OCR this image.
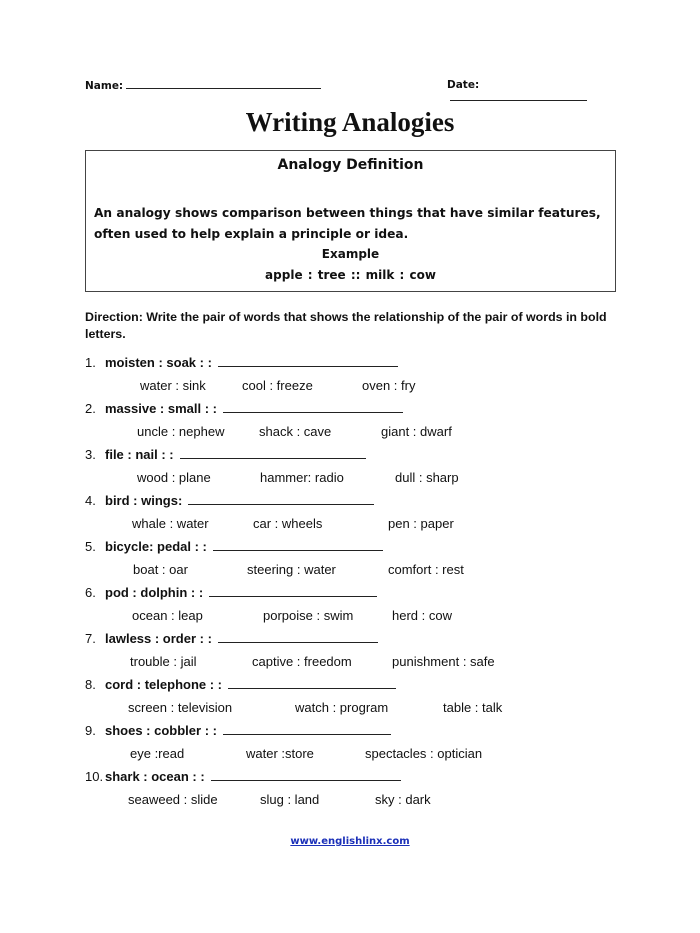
Name:	Date:
Writing Analogies
Analogy Definition
An analogy shows comparison between things that have similar features, often used to help explain a principle or idea.
Example
apple : tree :: milk : cow
Direction: Write the pair of words that shows the relationship of the pair of words in bold letters.
1. moisten : soak : :
water : sink	cool : freeze	oven : fry
2. massive : small : :
uncle : nephew	shack : cave	giant : dwarf
3. file : nail : :
wood : plane	hammer: radio	dull : sharp
4. bird : wings:
whale : water	car : wheels	pen : paper
5. bicycle: pedal : :
boat : oar	steering : water	comfort : rest
6. pod : dolphin : :
ocean : leap	porpoise : swim	herd : cow
7. lawless : order : :
trouble : jail	captive : freedom	punishment : safe
8. cord : telephone : :
screen : television	watch : program	table : talk
9. shoes : cobbler : :
eye :read	water :store	spectacles : optician
10. shark : ocean : :
seaweed : slide	slug : land	sky : dark
www.englishlinx.com
